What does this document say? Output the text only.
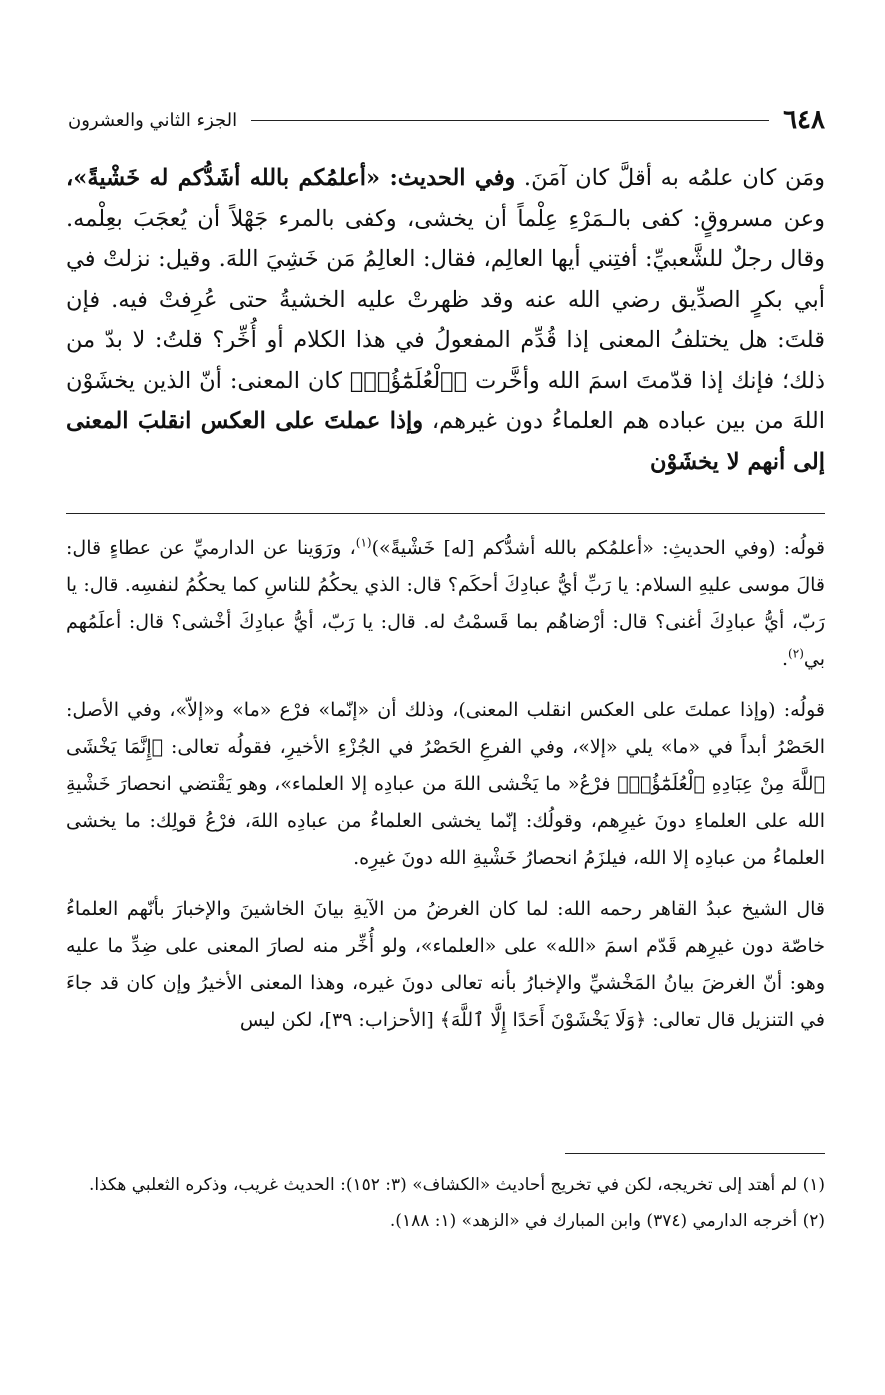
٦٤٨
الجزء الثاني والعشرون

ومَن كان علمُه به أقلَّ كان آمَنَ. وفي الحديث: «أعلمُكم بالله أشَدُّكم له خَشْيةً»، وعن مسروقٍ: كفى بالـمَرْءِ عِلْماً أن يخشى، وكفى بالمرء جَهْلاً أن يُعجَبَ بعِلْمه. وقال رجلٌ للشَّعبيِّ: أفتِني أيها العالِم، فقال: العالِمُ مَن خَشِيَ اللهَ. وقيل: نزلتْ في أبي بكرٍ الصدِّيق رضي الله عنه وقد ظهرتْ عليه الخشيةُ حتى عُرِفتْ فيه. فإن قلتَ: هل يختلفُ المعنى إذا قُدِّم المفعولُ في هذا الكلام أو أُخِّر؟ قلتُ: لا بدّ من ذلك؛ فإنك إذا قدّمتَ اسمَ الله وأخَّرت ﴿ٱلْعُلَمَٰٓؤُا۟﴾ كان المعنى: أنّ الذين يخشَوْن اللهَ من بين عباده هم العلماءُ دون غيرهم، وإذا عملتَ على العكس انقلبَ المعنى إلى أنهم لا يخشَوْن

قولُه: (وفي الحديثِ: «أعلمُكم بالله أشدُّكم [له] خَشْيةً»)$^{(١)}$، ورَوَينا عن الدارميِّ عن عطاءٍ قال: قالَ موسى عليهِ السلام: يا رَبِّ أيُّ عبادِكَ أحكَم؟ قال: الذي يحكُمُ للناسِ كما يحكُمُ لنفسِه. قال: يا رَبّ، أيُّ عبادِكَ أغنى؟ قال: أرْضاهُم بما قَسمْتُ له. قال: يا رَبّ، أيُّ عبادِكَ أخْشى؟ قال: أعلَمُهم بي$^{(٢)}$.

قولُه: (وإذا عملتَ على العكس انقلب المعنى)، وذلك أن «إنّما» فرْع «ما» و«إلاّ»، وفي الأصل: الحَصْرُ أبداً في «ما» يلي «إلا»، وفي الفرعِ الحَصْرُ في الجُزْءِ الأخيرِ، فقولُه تعالى: ﴿إِنَّمَا يَخْشَى ٱللَّهَ مِنْ عِبَادِهِ ٱلْعُلَمَٰٓؤُا۟﴾ فرْعُ« ما يَخْشى اللهَ من عبادِه إلا العلماء»، وهو يَقْتضي انحصارَ خَشْيةِ الله على العلماءِ دونَ غيرِهم، وقولُك: إنّما يخشى العلماءُ من عبادِه اللهَ، فرْعُ قولِك: ما يخشى العلماءُ من عبادِه إلا الله، فيلزَمُ انحصارُ خَشْيةِ الله دونَ غيرِه.

قال الشيخ عبدُ القاهر رحمه الله: لما كان الغرضُ من الآيةِ بيانَ الخاشينَ والإخبارَ بأنّهم العلماءُ خاصّة دون غيرِهم قَدّم اسمَ «الله» على «العلماء»، ولو أُخِّر منه لصارَ المعنى على ضِدِّ ما عليه وهو: أنّ الغرضَ بيانُ المَخْشيِّ والإخبارُ بأنه تعالى دونَ غيره، وهذا المعنى الأخيرُ وإن كان قد جاءَ في التنزيل قال تعالى: ﴿وَلَا يَخْشَوْنَ أَحَدًا إِلَّا ٱللَّهَ﴾ [الأحزاب: ٣٩]، لكن ليس

(١) لم أهتد إلى تخريجه، لكن في تخريج أحاديث «الكشاف» (٣: ١٥٢): الحديث غريب، وذكره الثعلبي هكذا.

(٢) أخرجه الدارمي (٣٧٤) وابن المبارك في «الزهد» (١: ١٨٨).
